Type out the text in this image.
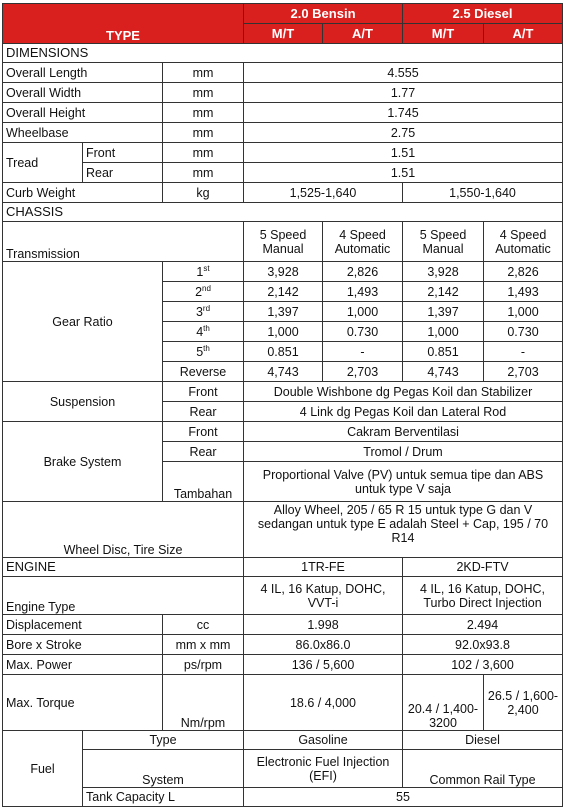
TYPE			2.0 Bensin		2.5 Diesel	
			M/T	A/T	M/T	A/T
DIMENSIONS						
Overall Length		mm	4.555			
Overall Width		mm	1.77			
Overall Height		mm	1.745			
Wheelbase		mm	2.75			
Tread	Front	mm	1.51			
	Rear	mm	1.51			
Curb Weight		kg	1,525-1,640		1,550-1,640	
CHASSIS						
Transmission			5 Speed Manual	4 Speed Automatic	5 Speed Manual	4 Speed Automatic
Gear Ratio		1st	3,928	2,826	3,928	2,826
		2nd	2,142	1,493	2,142	1,493
		3rd	1,397	1,000	1,397	1,000
		4th	1,000	0.730	1,000	0.730
		5th	0.851	-	0.851	-
		Reverse	4,743	2,703	4,743	2,703
Suspension		Front	Double Wishbone dg Pegas Koil dan Stabilizer			
		Rear	4 Link dg Pegas Koil dan Lateral Rod			
Brake System		Front	Cakram Berventilasi			
		Rear	Tromol / Drum			
		Tambahan	Proportional Valve (PV) untuk semua tipe dan ABS untuk type V saja			
Wheel Disc, Tire Size			Alloy Wheel, 205 / 65 R 15 untuk type G dan V sedangan untuk type E adalah Steel + Cap, 195 / 70 R14			
ENGINE			1TR-FE		2KD-FTV	
Engine Type			4 IL, 16 Katup, DOHC, VVT-i		4 IL, 16 Katup, DOHC, Turbo Direct Injection	
Displacement		cc	1.998		2.494	
Bore x Stroke		mm x mm	86.0x86.0		92.0x93.8	
Max. Power		ps/rpm	136 / 5,600		102 / 3,600	
Max. Torque		Nm/rpm	18.6 / 4,000		20.4 / 1,400-3200	26.5 / 1,600-2,400
Fuel	Type		Gasoline		Diesel	
	System		Electronic Fuel Injection (EFI)		Common Rail Type	
	Tank Capacity L		55			
